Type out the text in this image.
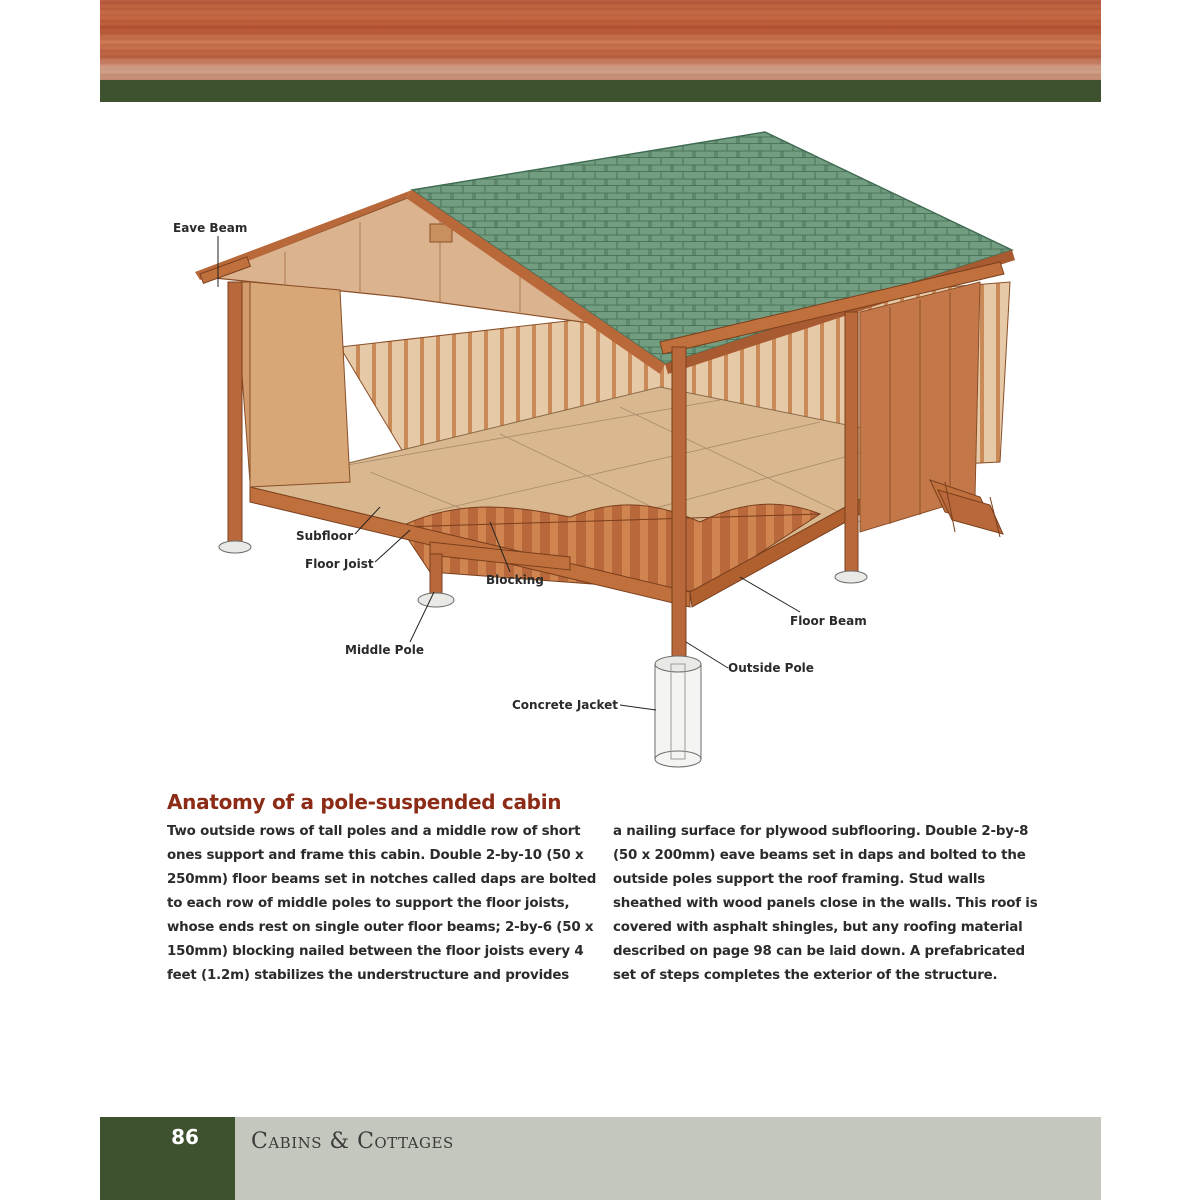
Eave Beam
Subfloor
Floor Joist
Blocking
Middle Pole
Floor Beam
Outside Pole
Concrete Jacket
Anatomy of a pole-suspended cabin

Two outside rows of tall poles and a middle row of short ones support and frame this cabin. Double 2-by-10 (50 x 250mm) floor beams set in notches called daps are bolted to each row of middle poles to support the floor joists, whose ends rest on single outer floor beams; 2-by-6 (50 x 150mm) blocking nailed between the floor joists every 4 feet (1.2m) stabilizes the understructure and provides

a nailing surface for plywood subflooring. Double 2-by-8 (50 x 200mm) eave beams set in daps and bolted to the outside poles support the roof framing. Stud walls sheathed with wood panels close in the walls. This roof is covered with asphalt shingles, but any roofing material described on page 98 can be laid down. A prefabricated set of steps completes the exterior of the structure.

86	Cabins & Cottages
